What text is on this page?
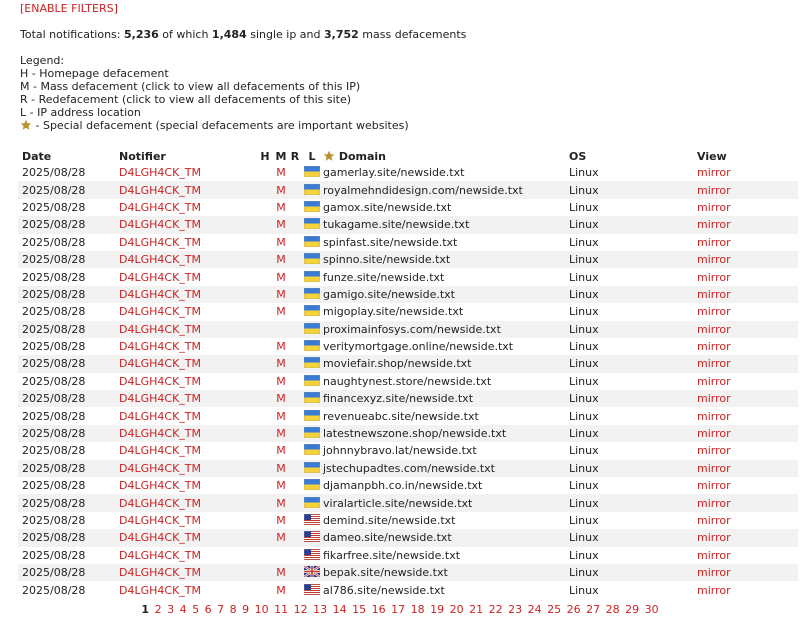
[ENABLE FILTERS]
Total notifications: 5,236 of which 1,484 single ip and 3,752 mass defacements
Legend:
H - Homepage defacement
M - Mass defacement (click to view all defacements of this IP)
R - Redefacement (click to view all defacements of this site)
L - IP address location
- Special defacement (special defacements are important websites)
Date	Notifier	H	M	R	L	Domain	OS	View
2025/08/28	D4LGH4CK_TM		M			gamerlay.site/newside.txt	Linux	mirror
2025/08/28	D4LGH4CK_TM		M			royalmehndidesign.com/newside.txt	Linux	mirror
2025/08/28	D4LGH4CK_TM		M			gamox.site/newside.txt	Linux	mirror
2025/08/28	D4LGH4CK_TM		M			tukagame.site/newside.txt	Linux	mirror
2025/08/28	D4LGH4CK_TM		M			spinfast.site/newside.txt	Linux	mirror
2025/08/28	D4LGH4CK_TM		M			spinno.site/newside.txt	Linux	mirror
2025/08/28	D4LGH4CK_TM		M			funze.site/newside.txt	Linux	mirror
2025/08/28	D4LGH4CK_TM		M			gamigo.site/newside.txt	Linux	mirror
2025/08/28	D4LGH4CK_TM		M			migoplay.site/newside.txt	Linux	mirror
2025/08/28	D4LGH4CK_TM					proximainfosys.com/newside.txt	Linux	mirror
2025/08/28	D4LGH4CK_TM		M			veritymortgage.online/newside.txt	Linux	mirror
2025/08/28	D4LGH4CK_TM		M			moviefair.shop/newside.txt	Linux	mirror
2025/08/28	D4LGH4CK_TM		M			naughtynest.store/newside.txt	Linux	mirror
2025/08/28	D4LGH4CK_TM		M			financexyz.site/newside.txt	Linux	mirror
2025/08/28	D4LGH4CK_TM		M			revenueabc.site/newside.txt	Linux	mirror
2025/08/28	D4LGH4CK_TM		M			latestnewszone.shop/newside.txt	Linux	mirror
2025/08/28	D4LGH4CK_TM		M			johnnybravo.lat/newside.txt	Linux	mirror
2025/08/28	D4LGH4CK_TM		M			jstechupadtes.com/newside.txt	Linux	mirror
2025/08/28	D4LGH4CK_TM		M			djamanpbh.co.in/newside.txt	Linux	mirror
2025/08/28	D4LGH4CK_TM		M			viralarticle.site/newside.txt	Linux	mirror
2025/08/28	D4LGH4CK_TM		M			demind.site/newside.txt	Linux	mirror
2025/08/28	D4LGH4CK_TM		M			dameo.site/newside.txt	Linux	mirror
2025/08/28	D4LGH4CK_TM					fikarfree.site/newside.txt	Linux	mirror
2025/08/28	D4LGH4CK_TM		M			bepak.site/newside.txt	Linux	mirror
2025/08/28	D4LGH4CK_TM		M			al786.site/newside.txt	Linux	mirror
1 2 3 4 5 6 7 8 9 10 11 12 13 14 15 16 17 18 19 20 21 22 23 24 25 26 27 28 29 30
